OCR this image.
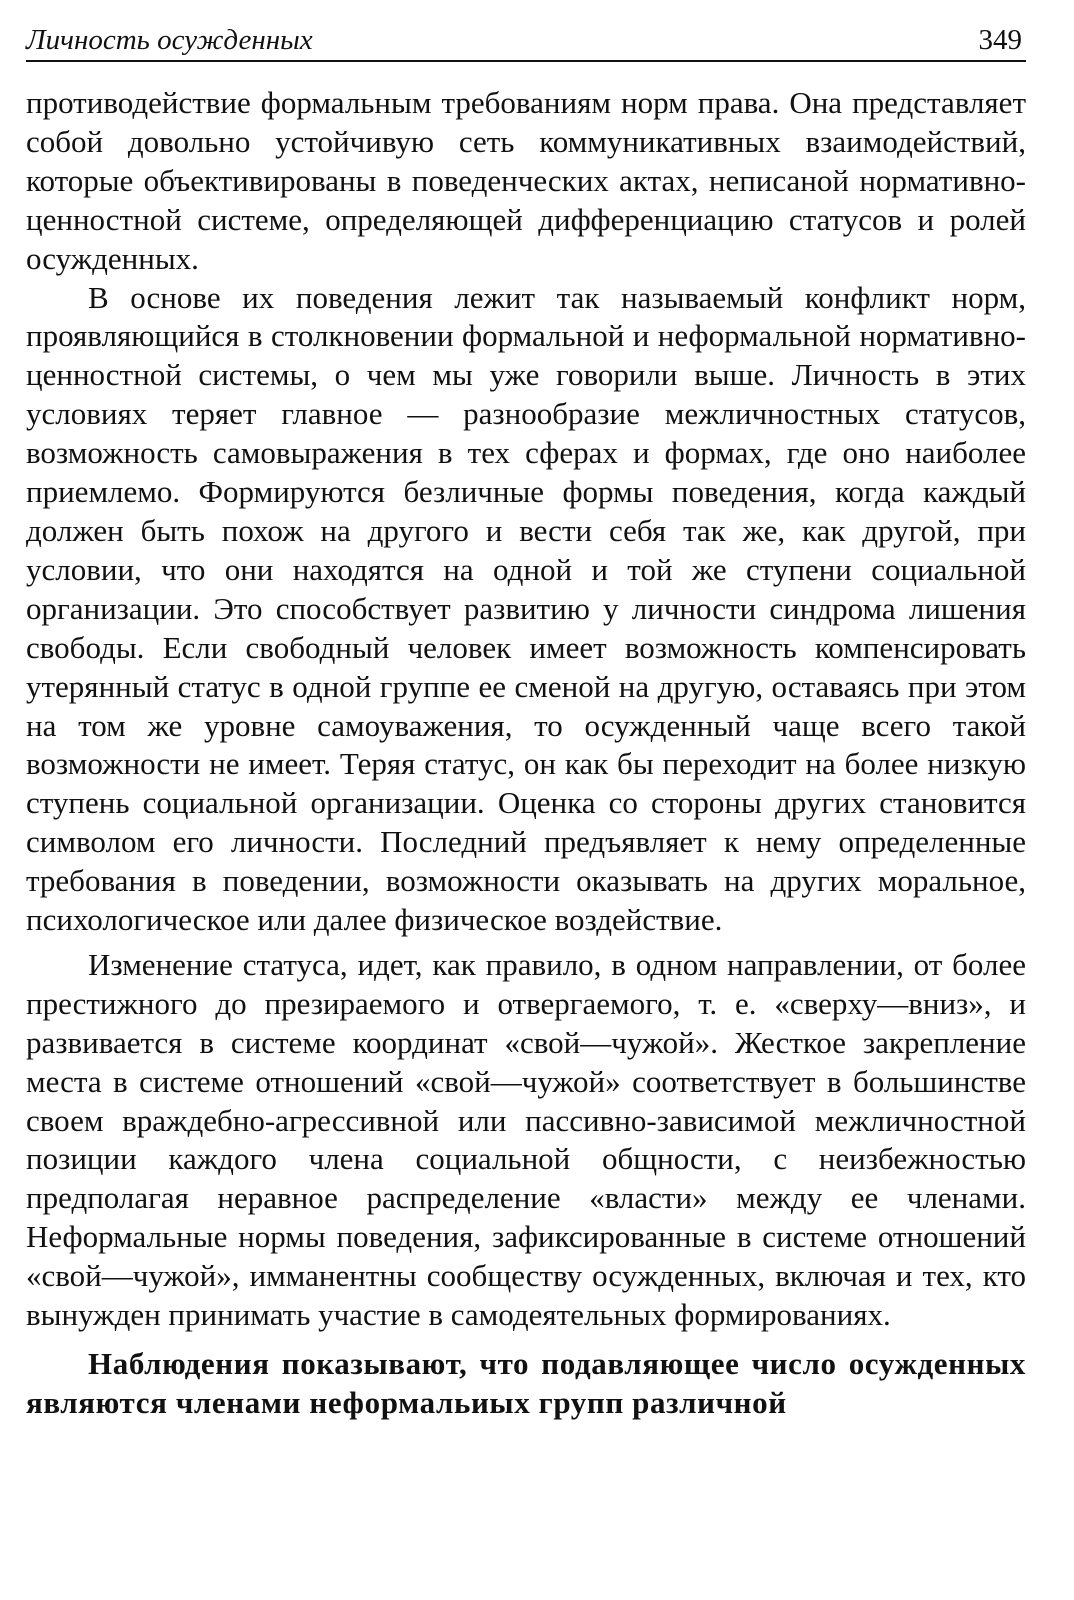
Личность осужденных	349

противодействие формальным требованиям норм права. Она представляет собой довольно устойчивую сеть коммуникативных взаимодействий, которые объективированы в поведенческих актах, неписаной нормативно-ценностной системе, определяющей дифференциацию статусов и ролей осужденных.

В основе их поведения лежит так называемый конфликт норм, проявляющийся в столкновении формальной и неформальной нормативно-ценностной системы, о чем мы уже говорили выше. Личность в этих условиях теряет главное — разнообразие межличностных статусов, возможность самовыражения в тех сферах и формах, где оно наиболее приемлемо. Формируются безличные формы поведения, когда каждый должен быть похож на другого и вести себя так же, как другой, при условии, что они находятся на одной и той же ступени социальной организации. Это способствует развитию у личности синдрома лишения свободы. Если свободный человек имеет возможность компенсировать утерянный статус в одной группе ее сменой на другую, оставаясь при этом на том же уровне самоуважения, то осужденный чаще всего такой возможности не имеет. Теряя статус, он как бы переходит на более низкую ступень социальной организации. Оценка со стороны других становится символом его личности. Последний предъявляет к нему определенные требования в поведении, возможности оказывать на других моральное, психологическое или далее физическое воздействие.

Изменение статуса, идет, как правило, в одном направлении, от более престижного до презираемого и отвергаемого, т. е. «сверху—вниз», и развивается в системе координат «свой—чужой». Жесткое закрепление места в системе отношений «свой—чужой» соответствует в большинстве своем враждебно-агрессивной или пассивно-зависимой межличностной позиции каждого члена социальной общности, с неизбежностью предполагая неравное распределение «власти» между ее членами. Неформальные нормы поведения, зафиксированные в системе отношений «свой—чужой», имманентны сообществу осужденных, включая и тех, кто вынужден принимать участие в самодеятельных формированиях.

Наблюдения показывают, что подавляющее число осужденных являются членами неформальиых групп различной
